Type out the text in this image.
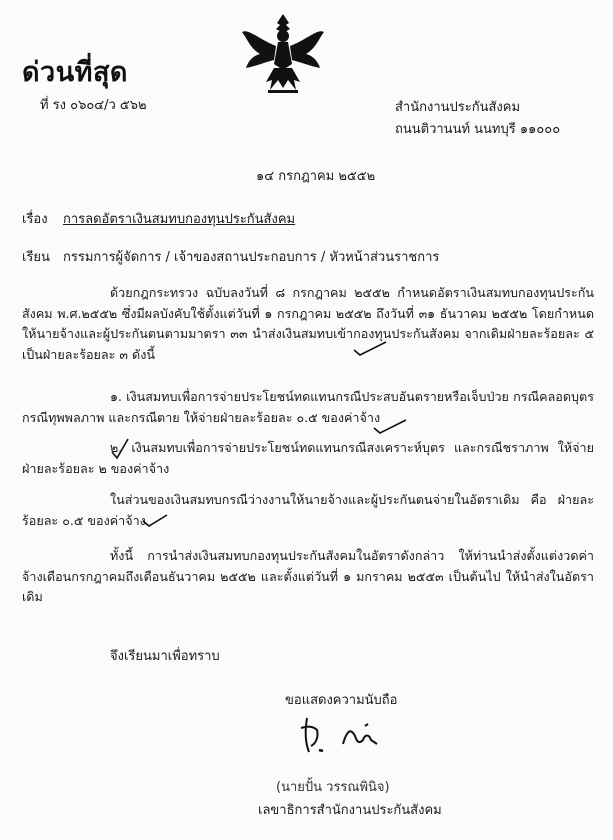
ด่วนที่สุด
ที่ รง ๐๖๐๔/ว ๕๖๒	สำนักงานประกันสังคม
ถนนติวานนท์ นนทบุรี ๑๑๐๐๐
๑๔ กรกฎาคม ๒๕๕๒
เรื่อง การลดอัตราเงินสมทบกองทุนประกันสังคม
เรียน กรรมการผู้จัดการ / เจ้าของสถานประกอบการ / หัวหน้าส่วนราชการ
ด้วยกฎกระทรวง ฉบับลงวันที่ ๘ กรกฎาคม ๒๕๕๒ กำหนดอัตราเงินสมทบกองทุนประกันสังคม พ.ศ.๒๕๕๒ ซึ่งมีผลบังคับใช้ตั้งแต่วันที่ ๑ กรกฎาคม ๒๕๕๒ ถึงวันที่ ๓๑ ธันวาคม ๒๕๕๒ โดยกำหนดให้นายจ้างและผู้ประกันตนตามมาตรา ๓๓ นำส่งเงินสมทบเข้ากองทุนประกันสังคม จากเดิมฝ่ายละร้อยละ ๕ เป็นฝ่ายละร้อยละ ๓ ดังนี้
๑. เงินสมทบเพื่อการจ่ายประโยชน์ทดแทนกรณีประสบอันตรายหรือเจ็บป่วย กรณีคลอดบุตร กรณีทุพพลภาพ และกรณีตาย ให้จ่ายฝ่ายละร้อยละ ๐.๕ ของค่าจ้าง
๒. เงินสมทบเพื่อการจ่ายประโยชน์ทดแทนกรณีสงเคราะห์บุตร และกรณีชราภาพ ให้จ่ายฝ่ายละร้อยละ ๒ ของค่าจ้าง
ในส่วนของเงินสมทบกรณีว่างงานให้นายจ้างและผู้ประกันตนจ่ายในอัตราเดิม คือ ฝ่ายละร้อยละ ๐.๕ ของค่าจ้าง
ทั้งนี้ การนำส่งเงินสมทบกองทุนประกันสังคมในอัตราดังกล่าว ให้ท่านนำส่งตั้งแต่งวดค่าจ้างเดือนกรกฎาคมถึงเดือนธันวาคม ๒๕๕๒ และตั้งแต่วันที่ ๑ มกราคม ๒๕๕๓ เป็นต้นไป ให้นำส่งในอัตราเดิม
จึงเรียนมาเพื่อทราบ
ขอแสดงความนับถือ
(นายปั้น วรรณพินิจ)
เลขาธิการสำนักงานประกันสังคม
